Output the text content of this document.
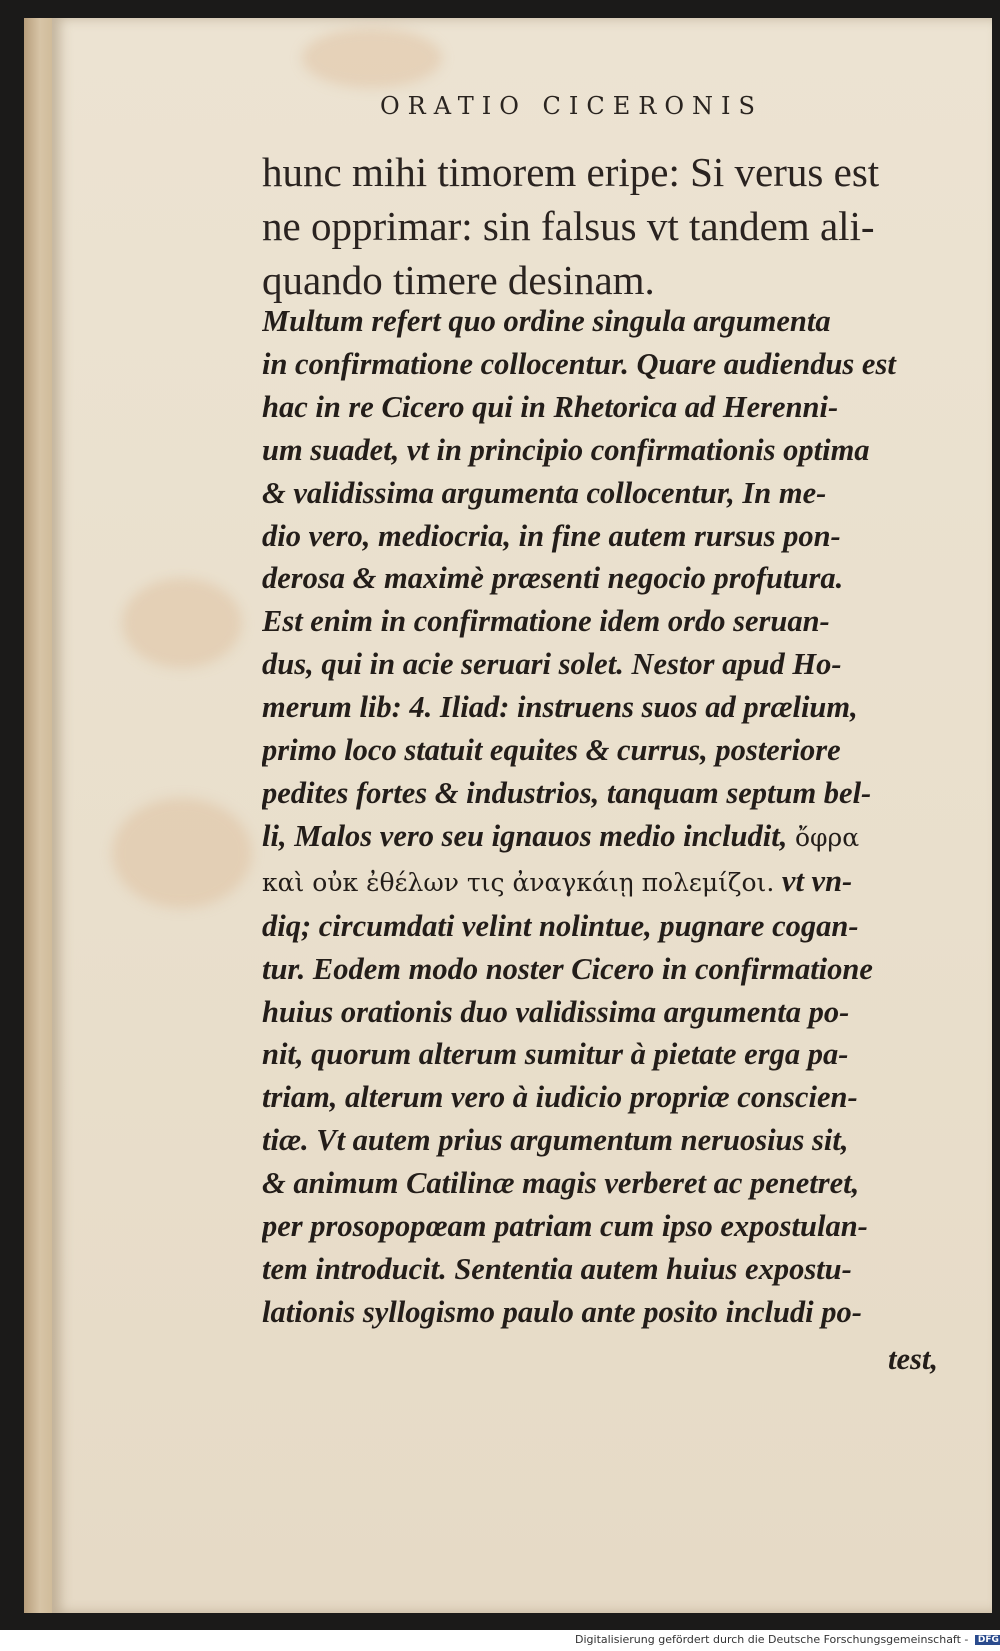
ORATIO CICERONIS
hunc mihi timorem eripe: Si verus est
ne opprimar: sin falsus vt tandem ali-
quando timere desinam.
Multum refert quo ordine singula argumenta
in confirmatione collocentur. Quare audiendus est
hac in re Cicero qui in Rhetorica ad Herenni-
um suadet, vt in principio confirmationis optima
& validissima argumenta collocentur, In me-
dio vero, mediocria, in fine autem rursus pon-
derosa & maximè præsenti negocio profutura.
Est enim in confirmatione idem ordo seruan-
dus, qui in acie seruari solet. Nestor apud Ho-
merum lib: 4. Iliad: instruens suos ad prælium,
primo loco statuit equites & currus, posteriore
pedites fortes & industrios, tanquam septum bel-
li, Malos vero seu ignauos medio includit, ὄφρα
καὶ οὐκ ἐθέλων τις ἀναγκάιῃ πολεμίζοι. vt vn-
diq; circumdati velint nolintue, pugnare cogan-
tur. Eodem modo noster Cicero in confirmatione
huius orationis duo validissima argumenta po-
nit, quorum alterum sumitur à pietate erga pa-
triam, alterum vero à iudicio propriæ conscien-
tiæ. Vt autem prius argumentum neruosius sit,
& animum Catilinæ magis verberet ac penetret,
per prosopopœam patriam cum ipso expostulan-
tem introducit. Sententia autem huius expostu-
lationis syllogismo paulo ante posito includi po-
test,
Digitalisierung gefördert durch die Deutsche Forschungsgemeinschaft - DFG
